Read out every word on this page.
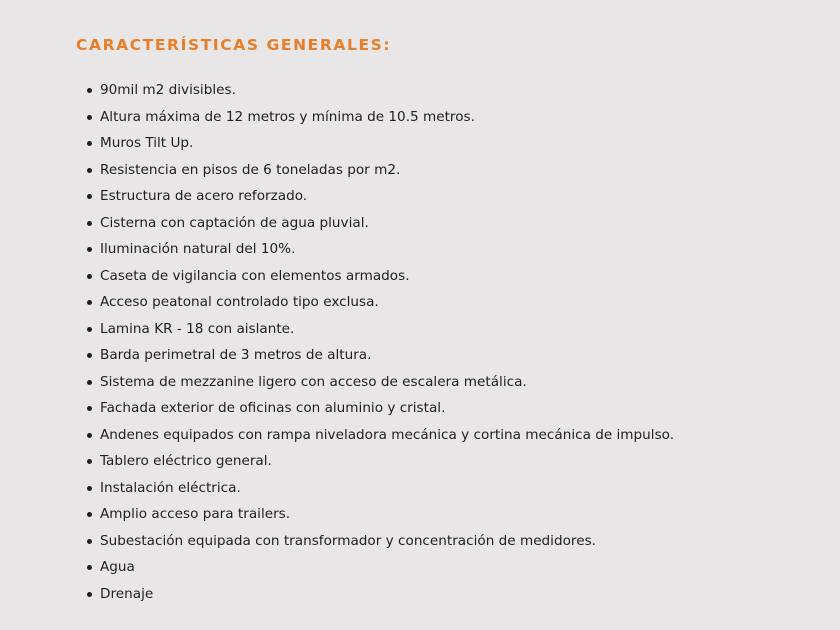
CARACTERÍSTICAS GENERALES:
90mil m2 divisibles.
Altura máxima de 12 metros y mínima de 10.5 metros.
Muros Tilt Up.
Resistencia en pisos de 6 toneladas por m2.
Estructura de acero reforzado.
Cisterna con captación de agua pluvial.
Iluminación natural del 10%.
Caseta de vigilancia con elementos armados.
Acceso peatonal controlado tipo exclusa.
Lamina KR - 18 con aislante.
Barda perimetral de 3 metros de altura.
Sistema de mezzanine ligero con acceso de escalera metálica.
Fachada exterior de oficinas con aluminio y cristal.
Andenes equipados con rampa niveladora mecánica y cortina mecánica de impulso.
Tablero eléctrico general.
Instalación eléctrica.
Amplio acceso para trailers.
Subestación equipada con transformador y concentración de medidores.
Agua
Drenaje
